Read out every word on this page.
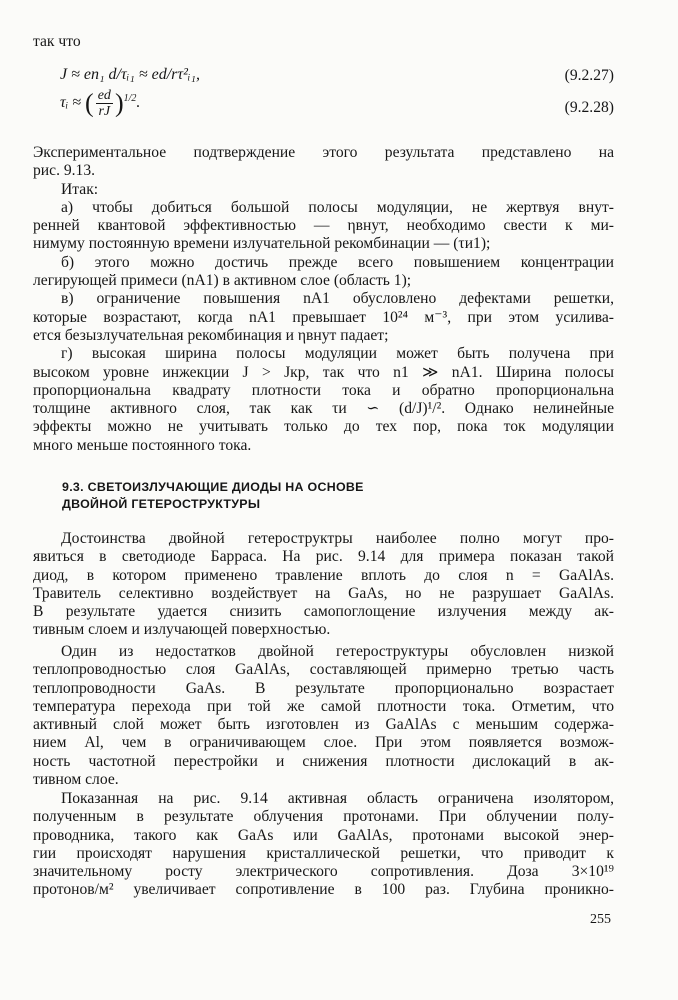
так что
J ≈ en₁ d/τᵢ₁ ≈ ed/rτ²ᵢ₁,	(9.2.27)
τᵢ ≈ ( $\frac{ed}{rJ} )^{1/2}$.	(9.2.28)
Экспериментальное подтверждение этого результата представлено на
рис. 9.13.
Итак:
а) чтобы добиться большой полосы модуляции, не жертвуя внут-
ренней квантовой эффективностью — ηвнут, необходимо свести к ми-
нимуму постоянную времени излучательной рекомбинации — (τи1);
б) этого можно достичь прежде всего повышением концентрации
легирующей примеси (nA1) в активном слое (область 1);
в) ограничение повышения nA1 обусловлено дефектами решетки,
которые возрастают, когда nA1 превышает 10²⁴ м⁻³, при этом усилива-
ется безызлучательная рекомбинация и ηвнут падает;
г) высокая ширина полосы модуляции может быть получена при
высоком уровне инжекции J > Jкр, так что n1 ≫ nA1. Ширина полосы
пропорциональна квадрату плотности тока и обратно пропорциональна
толщине активного слоя, так как τи ∽ (d/J)¹/². Однако нелинейные
эффекты можно не учитывать только до тех пор, пока ток модуляции
много меньше постоянного тока.
9.3. СВЕТОИЗЛУЧАЮЩИЕ ДИОДЫ НА ОСНОВЕ
ДВОЙНОЙ ГЕТЕРОСТРУКТУРЫ
Достоинства двойной гетероструктры наиболее полно могут про-
явиться в светодиоде Барраса. На рис. 9.14 для примера показан такой
диод, в котором применено травление вплоть до слоя n = GaAlAs.
Травитель селективно воздействует на GaAs, но не разрушает GaAlAs.
В результате удается снизить самопоглощение излучения между ак-
тивным слоем и излучающей поверхностью.
Один из недостатков двойной гетероструктуры обусловлен низкой
теплопроводностью слоя GaAlAs, составляющей примерно третью часть
теплопроводности GaAs. В результате пропорционально возрастает
температура перехода при той же самой плотности тока. Отметим, что
активный слой может быть изготовлен из GaAlAs с меньшим содержа-
нием Al, чем в ограничивающем слое. При этом появляется возмож-
ность частотной перестройки и снижения плотности дислокаций в ак-
тивном слое.
Показанная на рис. 9.14 активная область ограничена изолятором,
полученным в результате облучения протонами. При облучении полу-
проводника, такого как GaAs или GaAlAs, протонами высокой энер-
гии происходят нарушения кристаллической решетки, что приводит к
значительному росту электрического сопротивления. Доза 3×10¹⁹
протонов/м² увеличивает сопротивление в 100 раз. Глубина проникно-
255
